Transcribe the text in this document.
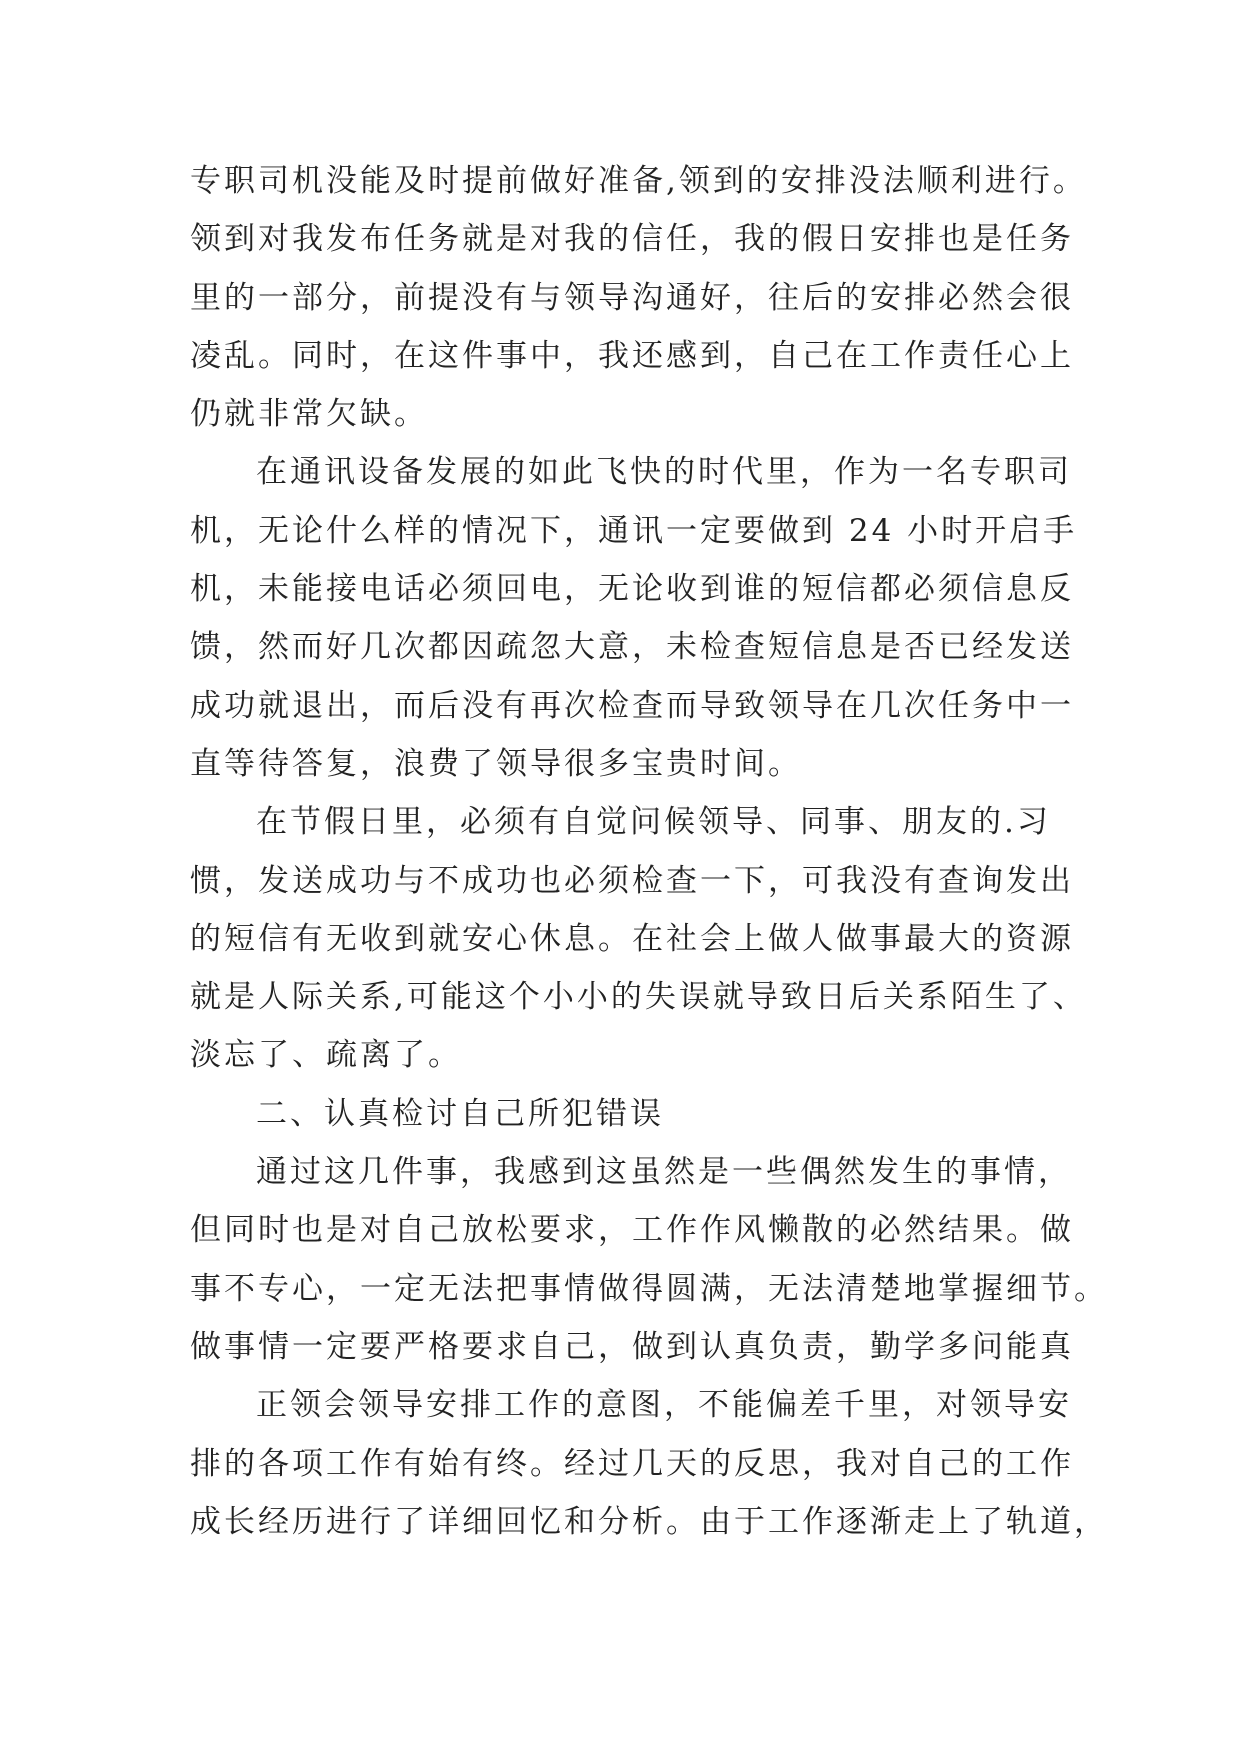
专职司机没能及时提前做好准备,领到的安排没法顺利进行。
领到对我发布任务就是对我的信任，我的假日安排也是任务
里的一部分，前提没有与领导沟通好，往后的安排必然会很
凌乱。同时，在这件事中，我还感到，自己在工作责任心上
仍就非常欠缺。
在通讯设备发展的如此飞快的时代里，作为一名专职司
机，无论什么样的情况下，通讯一定要做到 24 小时开启手
机，未能接电话必须回电，无论收到谁的短信都必须信息反
馈，然而好几次都因疏忽大意，未检查短信息是否已经发送
成功就退出，而后没有再次检查而导致领导在几次任务中一
直等待答复，浪费了领导很多宝贵时间。
在节假日里，必须有自觉问候领导、同事、朋友的.习
惯，发送成功与不成功也必须检查一下，可我没有查询发出
的短信有无收到就安心休息。在社会上做人做事最大的资源
就是人际关系,可能这个小小的失误就导致日后关系陌生了、
淡忘了、疏离了。
二、认真检讨自己所犯错误
通过这几件事，我感到这虽然是一些偶然发生的事情，
但同时也是对自己放松要求，工作作风懒散的必然结果。做
事不专心，一定无法把事情做得圆满，无法清楚地掌握细节。
做事情一定要严格要求自己，做到认真负责，勤学多问能真
正领会领导安排工作的意图，不能偏差千里，对领导安
排的各项工作有始有终。经过几天的反思，我对自己的工作
成长经历进行了详细回忆和分析。由于工作逐渐走上了轨道，
